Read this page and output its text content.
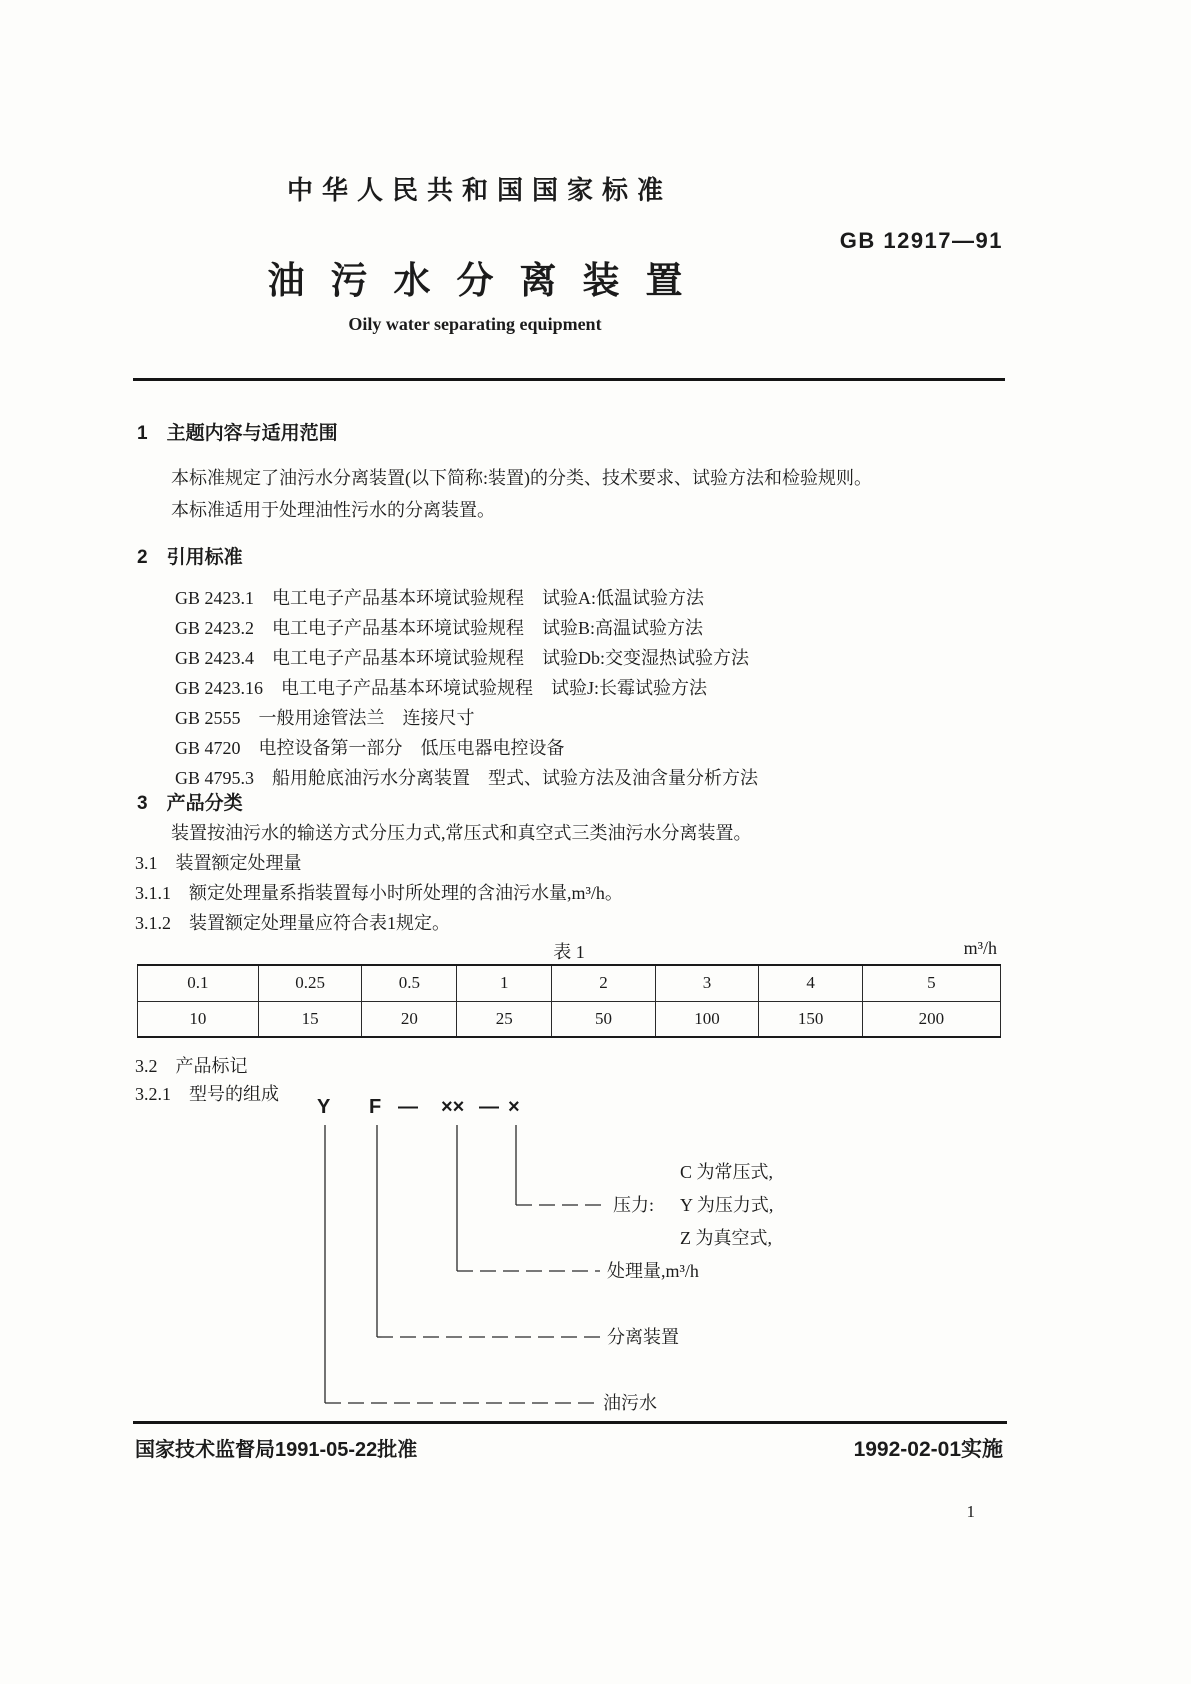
中华人民共和国国家标准
GB 12917—91
油污水分离装置
Oily water separating equipment
1　主题内容与适用范围
本标准规定了油污水分离装置(以下简称:装置)的分类、技术要求、试验方法和检验规则。
本标准适用于处理油性污水的分离装置。
2　引用标准
GB 2423.1　电工电子产品基本环境试验规程　试验A:低温试验方法
GB 2423.2　电工电子产品基本环境试验规程　试验B:高温试验方法
GB 2423.4　电工电子产品基本环境试验规程　试验Db:交变湿热试验方法
GB 2423.16　电工电子产品基本环境试验规程　试验J:长霉试验方法
GB 2555　一般用途管法兰　连接尺寸
GB 4720　电控设备第一部分　低压电器电控设备
GB 4795.3　船用舱底油污水分离装置　型式、试验方法及油含量分析方法
3　产品分类
装置按油污水的输送方式分压力式,常压式和真空式三类油污水分离装置。
3.1　装置额定处理量
3.1.1　额定处理量系指装置每小时所处理的含油污水量,m³/h。
3.1.2　装置额定处理量应符合表1规定。
表 1	m³/h
0.1	0.25	0.5	1	2	3	4	5
10	15	20	25	50	100	150	200
3.2　产品标记
3.2.1　型号的组成
Y F — ×× — ×
压力:
C 为常压式,
Y 为压力式,
Z 为真空式,
处理量,m³/h
分离装置
油污水
国家技术监督局1991-05-22批准	1992-02-01实施
1
